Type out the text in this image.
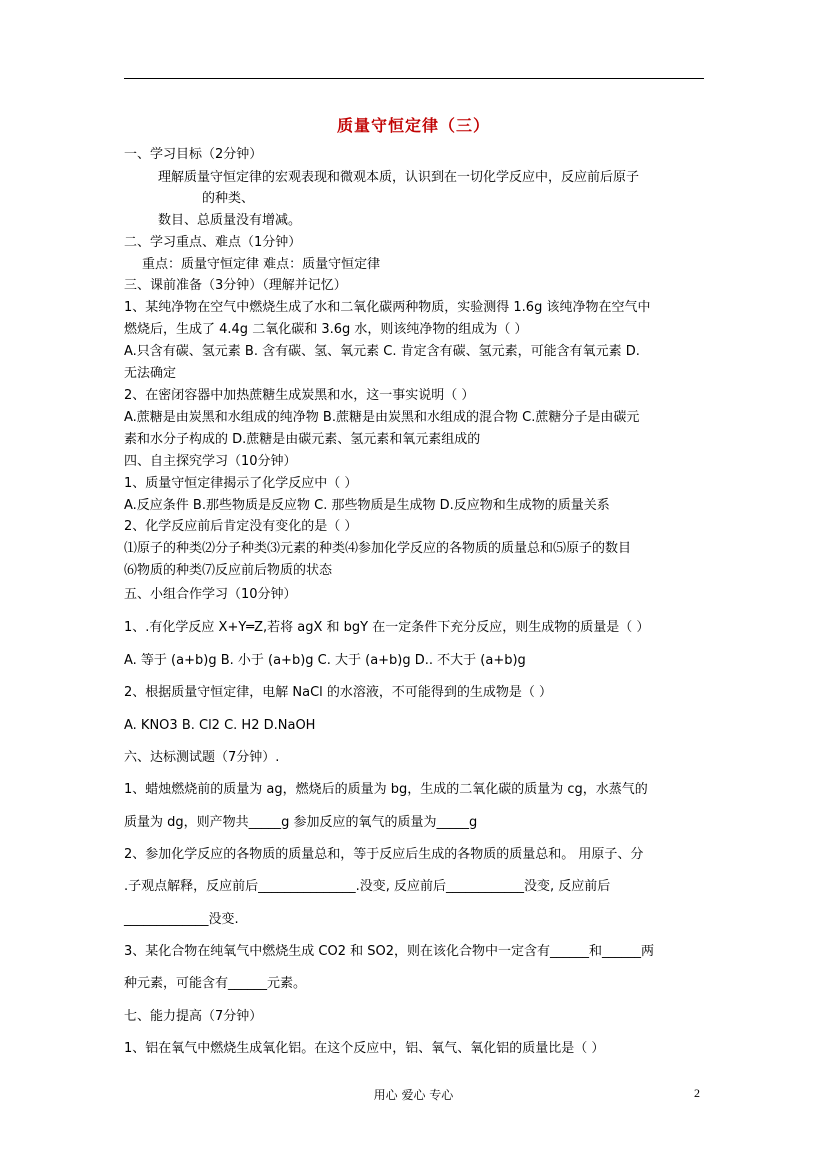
质量守恒定律（三）
一、学习目标（2分钟）
理解质量守恒定律的宏观表现和微观本质，认识到在一切化学反应中，反应前后原子
的种类、
数目、总质量没有增减。
二、学习重点、难点（1分钟）
重点：质量守恒定律 难点：质量守恒定律
三、课前准备（3分钟）（理解并记忆）
1、某纯净物在空气中燃烧生成了水和二氧化碳两种物质，实验测得 1.6g 该纯净物在空气中
燃烧后，生成了 4.4g 二氧化碳和 3.6g 水，则该纯净物的组成为（ ）
A.只含有碳、氢元素 B. 含有碳、氢、氧元素 C. 肯定含有碳、氢元素，可能含有氧元素 D.
无法确定
2、在密闭容器中加热蔗糖生成炭黑和水，这一事实说明（ ）
A.蔗糖是由炭黑和水组成的纯净物 B.蔗糖是由炭黑和水组成的混合物 C.蔗糖分子是由碳元
素和水分子构成的 D.蔗糖是由碳元素、氢元素和氧元素组成的
四、自主探究学习（10分钟）
1、质量守恒定律揭示了化学反应中（ ）
A.反应条件 B.那些物质是反应物 C. 那些物质是生成物 D.反应物和生成物的质量关系
2、化学反应前后肯定没有变化的是（ ）
⑴原子的种类⑵分子种类⑶元素的种类⑷参加化学反应的各物质的质量总和⑸原子的数目
⑹物质的种类⑺反应前后物质的状态
五、小组合作学习（10分钟）
1、.有化学反应 X+Y═Z,若将 agX 和 bgY 在一定条件下充分反应，则生成物的质量是（ ）
A. 等于 (a+b)g B. 小于 (a+b)g C. 大于 (a+b)g D.. 不大于 (a+b)g
2、根据质量守恒定律，电解 NaCl 的水溶液，不可能得到的生成物是（ ）
A. KNO3 B. Cl2 C. H2 D.NaOH
六、达标测试题（7分钟）.
1、蜡烛燃烧前的质量为 ag，燃烧后的质量为 bg，生成的二氧化碳的质量为 cg，水蒸气的
质量为 dg，则产物共_____g 参加反应的氧气的质量为_____g
2、参加化学反应的各物质的质量总和，等于反应后生成的各物质的质量总和。 用原子、分
.子观点解释，反应前后_______________.没变, 反应前后____________没变, 反应前后
_____________没变.
3、某化合物在纯氧气中燃烧生成 CO2 和 SO2，则在该化合物中一定含有______和______两
种元素，可能含有______元素。
七、能力提高（7分钟）
1、铝在氧气中燃烧生成氧化铝。在这个反应中，铝、氧气、氧化铝的质量比是（ ）
用心 爱心 专心	2
